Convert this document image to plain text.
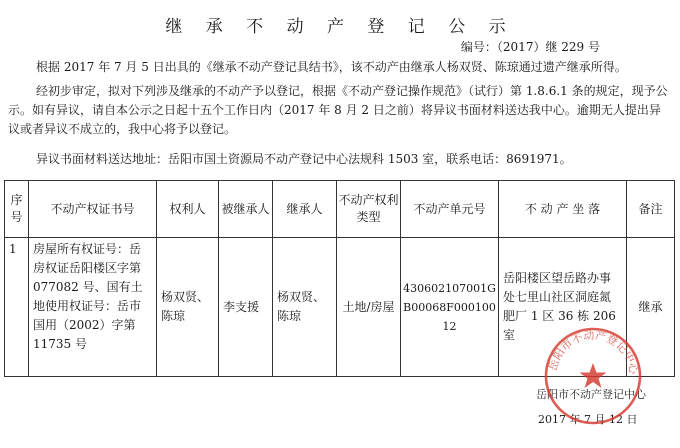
继 承 不 动 产 登 记 公 示
编号：（2017）继 229 号
根据 2017 年 7 月 5 日出具的《继承不动产登记具结书》，该不动产由继承人杨双贤、陈琼通过遗产继承所得。
经初步审定，拟对下列涉及继承的不动产予以登记，根据《不动产登记操作规范》（试行）第 1.8.6.1 条的规定，现予公示。如有异议，请自本公示之日起十五个工作日内（2017 年 8 月 2 日之前）将异议书面材料送达我中心。逾期无人提出异议或者异议不成立的，我中心将予以登记。
异议书面材料送达地址：岳阳市国土资源局不动产登记中心法规科 1503 室，联系电话：8691971。
序号	不动产权证书号	权利人	被继承人	继承人	不动产权利类型	不动产单元号	不 动 产 坐 落	备注
1	房屋所有权证号：岳房权证岳阳楼区字第 077082 号、国有土地使用权证号：岳市国用（2002）字第 11735 号	杨双贤、陈琼	李支援	杨双贤、陈琼	土地/房屋	430602107001GB00068F00010012	岳阳楼区望岳路办事处七里山社区洞庭氮肥厂 1 区 36 栋 206 室	继承
岳阳市不动产登记中心
2017 年 7 月 12 日
岳阳市不动产登记中心
